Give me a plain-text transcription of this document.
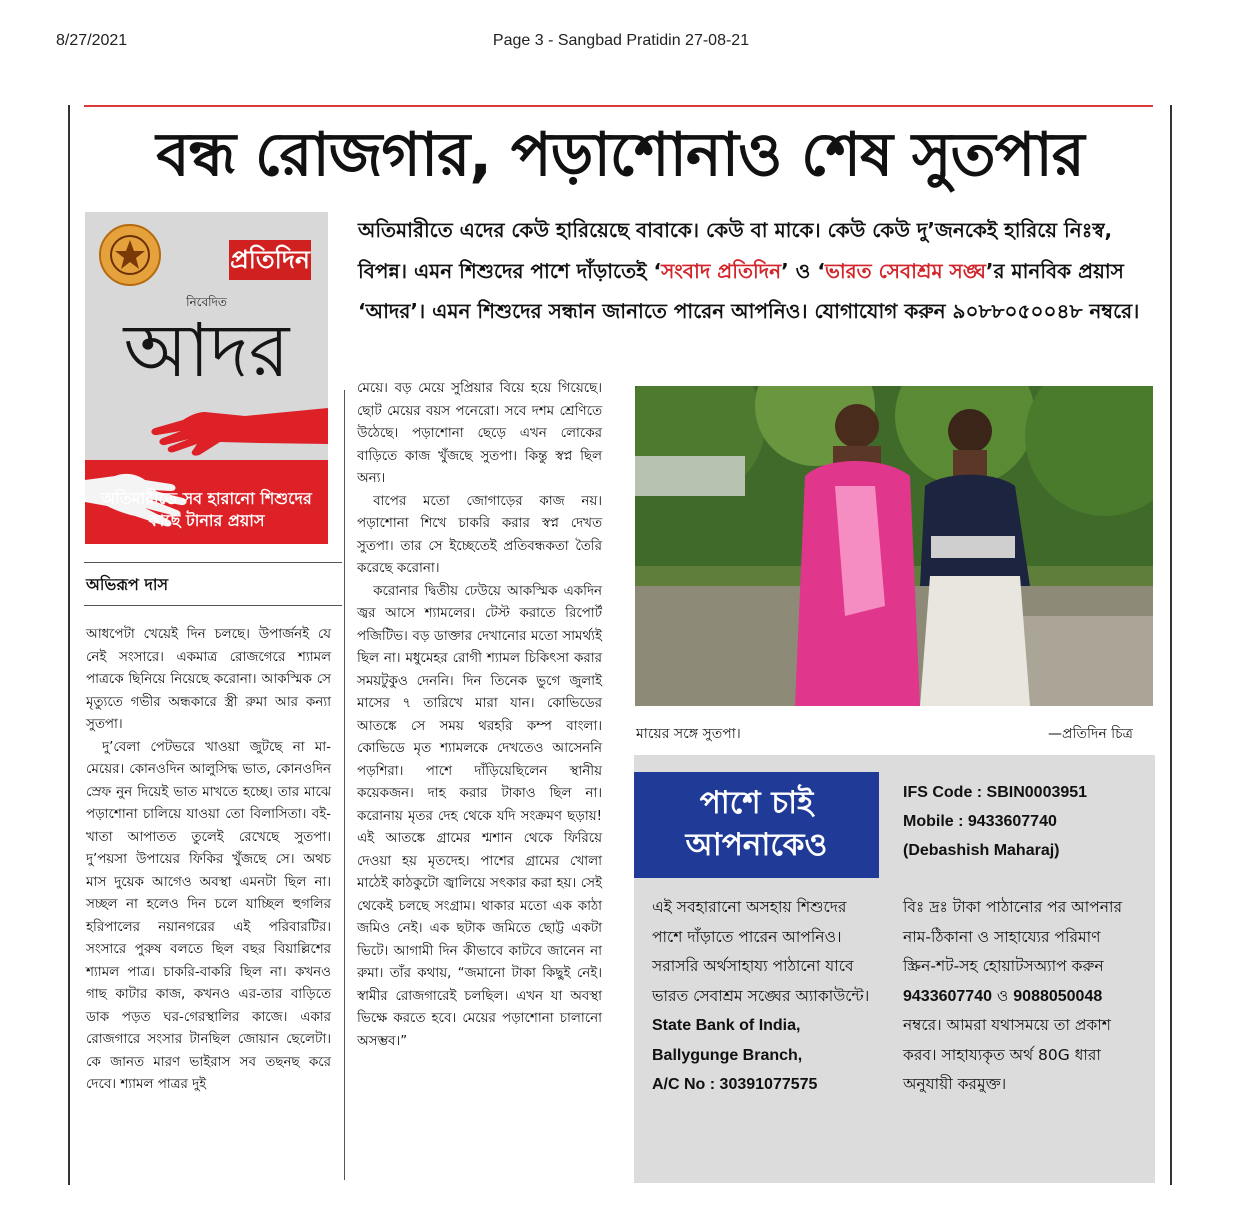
8/27/2021	Page 3 - Sangbad Pratidin 27-08-21
বন্ধ রোজগার, পড়াশোনাও শেষ সুতপার
প্রতিদিন
নিবেদিত
আদর
অতিমারীতে সব হারানো শিশুদের
কাছে টানার প্রয়াস
অতিমারীতে এদের কেউ হারিয়েছে বাবাকে। কেউ বা মাকে। কেউ কেউ দু’জনকেই হারিয়ে নিঃস্ব, বিপন্ন। এমন শিশুদের পাশে দাঁড়াতেই ‘সংবাদ প্রতিদিন’ ও ‘ভারত সেবাশ্রম সঙ্ঘ’র মানবিক প্রয়াস ‘আদর’। এমন শিশুদের সন্ধান জানাতে পারেন আপনিও। যোগাযোগ করুন ৯০৮৮০৫০০৪৮ নম্বরে।
অভিরূপ দাস

আধপেটা খেয়েই দিন চলছে। উপার্জনই যে নেই সংসারে। একমাত্র রোজগেরে শ্যামল পাত্রকে ছিনিয়ে নিয়েছে করোনা। আকস্মিক সে মৃত্যুতে গভীর অন্ধকারে স্ত্রী রুমা আর কন্যা সুতপা।

দু’বেলা পেটভরে খাওয়া জুটছে না মা-মেয়ের। কোনওদিন আলুসিদ্ধ ভাত, কোনওদিন স্রেফ নুন দিয়েই ভাত মাখতে হচ্ছে। তার মাঝে পড়াশোনা চালিয়ে যাওয়া তো বিলাসিতা। বই-খাতা আপাতত তুলেই রেখেছে সুতপা। দু’পয়সা উপায়ের ফিকির খুঁজছে সে। অথচ মাস দুয়েক আগেও অবস্থা এমনটা ছিল না। সচ্ছল না হলেও দিন চলে যাচ্ছিল হুগলির হরিপালের নয়ানগরের এই পরিবারটির। সংসারে পুরুষ বলতে ছিল বছর বিয়াল্লিশের শ্যামল পাত্র। চাকরি-বাকরি ছিল না। কখনও গাছ কাটার কাজ, কখনও এর-তার বাড়িতে ডাক পড়ত ঘর-গেরস্থালির কাজে। একার রোজগারে সংসার টানছিল জোয়ান ছেলেটা। কে জানত মারণ ভাইরাস সব তছনছ করে দেবে। শ্যামল পাত্রর দুই

মেয়ে। বড় মেয়ে সুপ্রিয়ার বিয়ে হয়ে গিয়েছে। ছোট মেয়ের বয়স পনেরো। সবে দশম শ্রেণিতে উঠেছে। পড়াশোনা ছেড়ে এখন লোকের বাড়িতে কাজ খুঁজছে সুতপা। কিন্তু স্বপ্ন ছিল অন্য।

বাপের মতো জোগাড়ের কাজ নয়। পড়াশোনা শিখে চাকরি করার স্বপ্ন দেখত সুতপা। তার সে ইচ্ছেতেই প্রতিবন্ধকতা তৈরি করেছে করোনা।

করোনার দ্বিতীয় ঢেউয়ে আকস্মিক একদিন জ্বর আসে শ্যামলের। টেস্ট করাতে রিপোর্ট পজিটিভ। বড় ডাক্তার দেখানোর মতো সামর্থ্যই ছিল না। মধুমেহর রোগী শ্যামল চিকিৎসা করার সময়টুকুও দেননি। দিন তিনেক ভুগে জুলাই মাসের ৭ তারিখে মারা যান। কোভিডের আতঙ্কে সে সময় থরহরি কম্প বাংলা। কোভিডে মৃত শ্যামলকে দেখতেও আসেননি পড়শিরা। পাশে দাঁড়িয়েছিলেন স্থানীয় কয়েকজন। দাহ করার টাকাও ছিল না। করোনায় মৃতর দেহ থেকে যদি সংক্রমণ ছড়ায়! এই আতঙ্কে গ্রামের শ্মশান থেকে ফিরিয়ে দেওয়া হয় মৃতদেহ। পাশের গ্রামের খোলা মাঠেই কাঠকুটো জ্বালিয়ে সৎকার করা হয়। সেই থেকেই চলছে সংগ্রাম। থাকার মতো এক কাঠা জমিও নেই। এক ছটাক জমিতে ছোট্ট একটা ভিটে। আগামী দিন কীভাবে কাটবে জানেন না রুমা। তাঁর কথায়, “জমানো টাকা কিছুই নেই। স্বামীর রোজগারেই চলছিল। এখন যা অবস্থা ভিক্ষে করতে হবে। মেয়ের পড়াশোনা চালানো অসম্ভব।”

মায়ের সঙ্গে সুতপা।	—প্রতিদিন চিত্র
পাশে চাই
আপনাকেও
IFS Code : SBIN0003951
Mobile : 9433607740
(Debashish Maharaj)
এই সবহারানো অসহায় শিশুদের পাশে দাঁড়াতে পারেন আপনিও। সরাসরি অর্থসাহায্য পাঠানো যাবে ভারত সেবাশ্রম সঙ্ঘের অ্যাকাউন্টে।
State Bank of India,
Ballygunge Branch,
A/C No : 30391077575
বিঃ দ্রঃ টাকা পাঠানোর পর আপনার নাম-ঠিকানা ও সাহায্যের পরিমাণ স্ক্রিন-শট-সহ হোয়াটসঅ্যাপ করুন 9433607740 ও 9088050048 নম্বরে। আমরা যথাসময়ে তা প্রকাশ করব। সাহায্যকৃত অর্থ 80G ধারা অনুযায়ী করমুক্ত।
